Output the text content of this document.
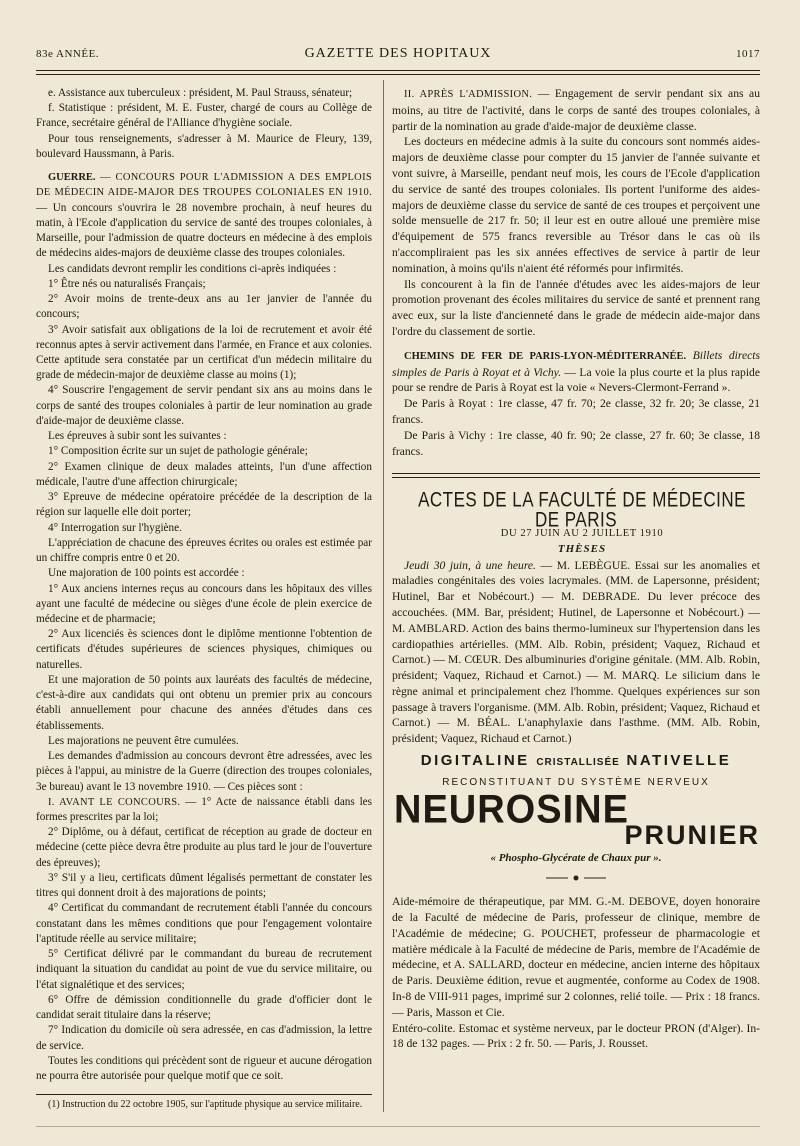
83e ANNÉE.	GAZETTE DES HOPITAUX	1017

e. Assistance aux tuberculeux : président, M. Paul Strauss, sénateur;

f. Statistique : président, M. E. Fuster, chargé de cours au Collège de France, secrétaire général de l'Alliance d'hygiène sociale.

Pour tous renseignements, s'adresser à M. Maurice de Fleury, 139, boulevard Haussmann, à Paris.

GUERRE. — CONCOURS POUR L'ADMISSION A DES EMPLOIS DE MÉDECIN AIDE-MAJOR DES TROUPES COLONIALES EN 1910. — Un concours s'ouvrira le 28 novembre prochain, à neuf heures du matin, à l'Ecole d'application du service de santé des troupes coloniales, à Marseille, pour l'admission de quatre docteurs en médecine à des emplois de médecins aides-majors de deuxième classe des troupes coloniales.

Les candidats devront remplir les conditions ci-après indiquées :

1° Être nés ou naturalisés Français;

2° Avoir moins de trente-deux ans au 1er janvier de l'année du concours;

3° Avoir satisfait aux obligations de la loi de recrutement et avoir été reconnus aptes à servir activement dans l'armée, en France et aux colonies. Cette aptitude sera constatée par un certificat d'un médecin militaire du grade de médecin-major de deuxième classe au moins (1);

4° Souscrire l'engagement de servir pendant six ans au moins dans le corps de santé des troupes coloniales à partir de leur nomination au grade d'aide-major de deuxième classe.

Les épreuves à subir sont les suivantes :

1° Composition écrite sur un sujet de pathologie générale;

2° Examen clinique de deux malades atteints, l'un d'une affection médicale, l'autre d'une affection chirurgicale;

3° Epreuve de médecine opératoire précédée de la description de la région sur laquelle elle doit porter;

4° Interrogation sur l'hygiène.

L'appréciation de chacune des épreuves écrites ou orales est estimée par un chiffre compris entre 0 et 20.

Une majoration de 100 points est accordée :

1° Aux anciens internes reçus au concours dans les hôpitaux des villes ayant une faculté de médecine ou sièges d'une école de plein exercice de médecine et de pharmacie;

2° Aux licenciés ès sciences dont le diplôme mentionne l'obtention de certificats d'études supérieures de sciences physiques, chimiques ou naturelles.

Et une majoration de 50 points aux lauréats des facultés de médecine, c'est-à-dire aux candidats qui ont obtenu un premier prix au concours établi annuellement pour chacune des années d'études dans ces établissements.

Les majorations ne peuvent être cumulées.

Les demandes d'admission au concours devront être adressées, avec les pièces à l'appui, au ministre de la Guerre (direction des troupes coloniales, 3e bureau) avant le 13 novembre 1910. — Ces pièces sont :

I. AVANT LE CONCOURS. — 1° Acte de naissance établi dans les formes prescrites par la loi;

2° Diplôme, ou à défaut, certificat de réception au grade de docteur en médecine (cette pièce devra être produite au plus tard le jour de l'ouverture des épreuves);

3° S'il y a lieu, certificats dûment légalisés permettant de constater les titres qui donnent droit à des majorations de points;

4° Certificat du commandant de recrutement établi l'année du concours constatant dans les mêmes conditions que pour l'engagement volontaire l'aptitude réelle au service militaire;

5° Certificat délivré par le commandant du bureau de recrutement indiquant la situation du candidat au point de vue du service militaire, ou l'état signalétique et des services;

6° Offre de démission conditionnelle du grade d'officier dont le candidat serait titulaire dans la réserve;

7° Indication du domicile où sera adressée, en cas d'admission, la lettre de service.

Toutes les conditions qui précèdent sont de rigueur et aucune dérogation ne pourra être autorisée pour quelque motif que ce soit.

(1) Instruction du 22 octobre 1905, sur l'aptitude physique au service militaire.

II. APRÈS L'ADMISSION. — Engagement de servir pendant six ans au moins, au titre de l'activité, dans le corps de santé des troupes coloniales, à partir de la nomination au grade d'aide-major de deuxième classe.

Les docteurs en médecine admis à la suite du concours sont nommés aides-majors de deuxième classe pour compter du 15 janvier de l'année suivante et vont suivre, à Marseille, pendant neuf mois, les cours de l'Ecole d'application du service de santé des troupes coloniales. Ils portent l'uniforme des aides-majors de deuxième classe du service de santé de ces troupes et perçoivent une solde mensuelle de 217 fr. 50; il leur est en outre alloué une première mise d'équipement de 575 francs reversible au Trésor dans le cas où ils n'accompliraient pas les six années effectives de service à partir de leur nomination, à moins qu'ils n'aient été réformés pour infirmités.

Ils concourent à la fin de l'année d'études avec les aides-majors de leur promotion provenant des écoles militaires du service de santé et prennent rang avec eux, sur la liste d'ancienneté dans le grade de médecin aide-major dans l'ordre du classement de sortie.

CHEMINS DE FER DE PARIS-LYON-MÉDITERRANÉE. Billets directs simples de Paris à Royat et à Vichy. — La voie la plus courte et la plus rapide pour se rendre de Paris à Royat est la voie « Nevers-Clermont-Ferrand ».

De Paris à Royat : 1re classe, 47 fr. 70; 2e classe, 32 fr. 20; 3e classe, 21 francs.

De Paris à Vichy : 1re classe, 40 fr. 90; 2e classe, 27 fr. 60; 3e classe, 18 francs.

ACTES DE LA FACULTÉ DE MÉDECINE DE PARIS

DU 27 JUIN AU 2 JUILLET 1910

THÈSES

Jeudi 30 juin, à une heure. — M. LEBÈGUE. Essai sur les anomalies et maladies congénitales des voies lacrymales. (MM. de Lapersonne, président; Hutinel, Bar et Nobécourt.) — M. DEBRADE. Du lever précoce des accouchées. (MM. Bar, président; Hutinel, de Lapersonne et Nobécourt.) — M. AMBLARD. Action des bains thermo-lumineux sur l'hypertension dans les cardiopathies artérielles. (MM. Alb. Robin, président; Vaquez, Richaud et Carnot.) — M. CŒUR. Des albuminuries d'origine génitale. (MM. Alb. Robin, président; Vaquez, Richaud et Carnot.) — M. MARQ. Le silicium dans le règne animal et principalement chez l'homme. Quelques expériences sur son passage à travers l'organisme. (MM. Alb. Robin, président; Vaquez, Richaud et Carnot.) — M. BÉAL. L'anaphylaxie dans l'asthme. (MM. Alb. Robin, président; Vaquez, Richaud et Carnot.)

DIGITALINE CRISTALLISÉE NATIVELLE
RECONSTITUANT DU SYSTÈME NERVEUX
NEUROSINE
PRUNIER
« Phospho-Glycérate de Chaux pur ».

Aide-mémoire de thérapeutique, par MM. G.-M. DEBOVE, doyen honoraire de la Faculté de médecine de Paris, professeur de clinique, membre de l'Académie de médecine; G. POUCHET, professeur de pharmacologie et matière médicale à la Faculté de médecine de Paris, membre de l'Académie de médecine, et A. SALLARD, docteur en médecine, ancien interne des hôpitaux de Paris. Deuxième édition, revue et augmentée, conforme au Codex de 1908. In-8 de VIII-911 pages, imprimé sur 2 colonnes, relié toile. — Prix : 18 francs. — Paris, Masson et Cie.

Entéro-colite. Estomac et système nerveux, par le docteur PRON (d'Alger). In-18 de 132 pages. — Prix : 2 fr. 50. — Paris, J. Rousset.
